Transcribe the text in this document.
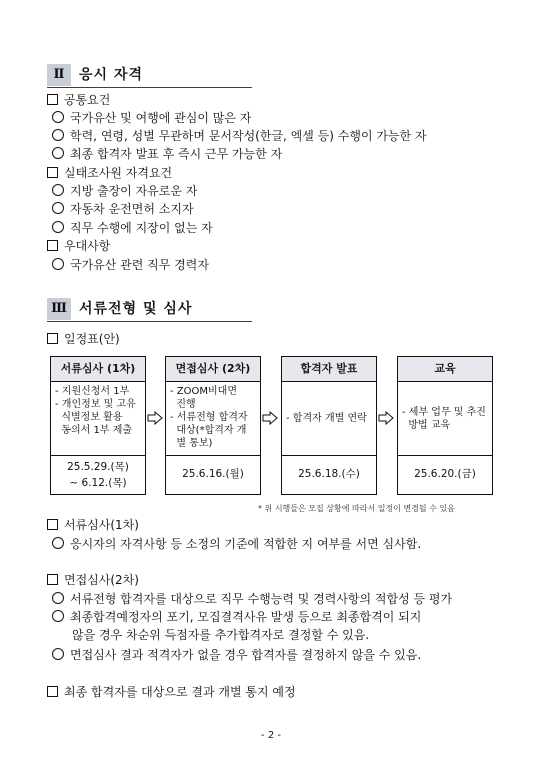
Ⅱ	응시 자격
공통요건
국가유산 및 여행에 관심이 많은 자
학력, 연령, 성별 무관하며 문서작성(한글, 엑셀 등) 수행이 가능한 자
최종 합격자 발표 후 즉시 근무 가능한 자
실태조사원 자격요건
지방 출장이 자유로운 자
자동차 운전면허 소지자
직무 수행에 지장이 없는 자
우대사항
국가유산 관련 직무 경력자
Ⅲ 서류전형 및 심사
일정표(안)
서류심사 (1차)
- 지원신청서 1부
- 개인정보 및 고유
식별정보 활용
동의서 1부 제출
25.5.29.(목)
~ 6.12.(목)
면접심사 (2차)
- ZOOM비대면
진행
- 서류전형 합격자
대상(*합격자 개
별 통보)
25.6.16.(월)
합격자 발표
- 합격자 개별 연락
25.6.18.(수)
교육
- 세부 업무 및 추진
방법 교육
25.6.20.(금)
* 위 시행들은 모집 상황에 따라서 일정이 변경될 수 있음
서류심사(1차)
응시자의 자격사항 등 소정의 기준에 적합한 지 여부를 서면 심사함.
면접심사(2차)
서류전형 합격자를 대상으로 직무 수행능력 및 경력사항의 적합성 등 평가
최종합격예정자의 포기, 모집결격사유 발생 등으로 최종합격이 되지
않을 경우 차순위 득점자를 추가합격자로 결정할 수 있음.
면접심사 결과 적격자가 없을 경우 합격자를 결정하지 않을 수 있음.
최종 합격자를 대상으로 결과 개별 통지 예정
- 2 -
